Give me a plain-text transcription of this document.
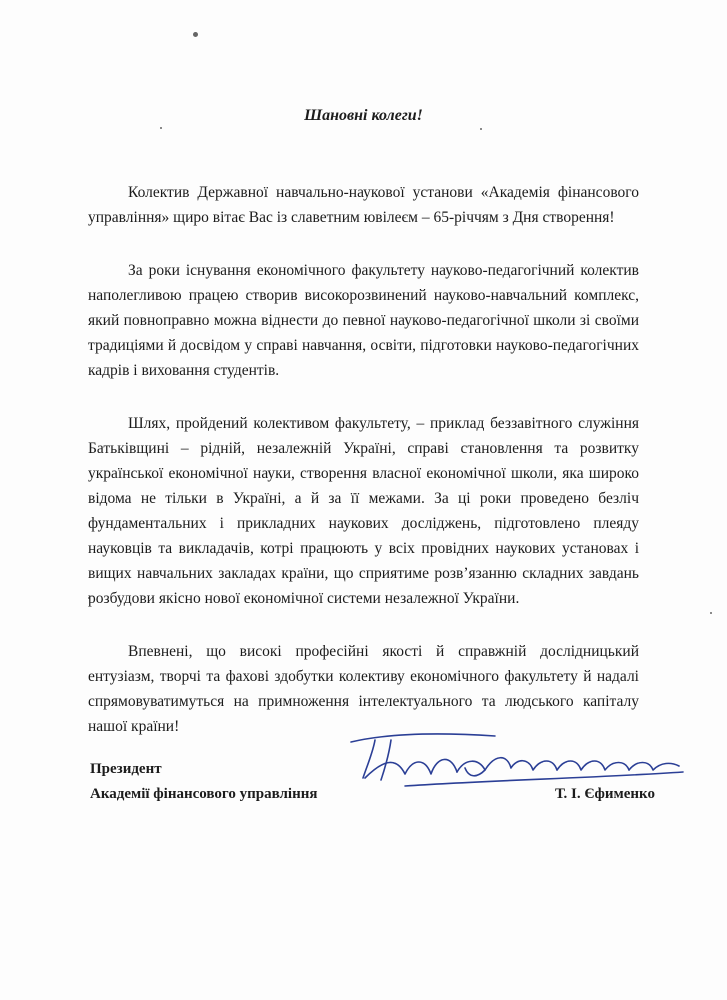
Шановні колеги!

Колектив Державної навчально-наукової установи «Академія фінансового управління» щиро вітає Вас із славетним ювілеєм – 65-річчям з Дня створення!

За роки існування економічного факультету науково-педагогічний колектив наполегливою працею створив високорозвинений науково-навчальний комплекс, який повноправно можна віднести до певної науково-педагогічної школи зі своїми традиціями й досвідом у справі навчання, освіти, підготовки науково-педагогічних кадрів і виховання студентів.

Шлях, пройдений колективом факультету, – приклад беззавітного служіння Батьківщині – рідній, незалежній Україні, справі становлення та розвитку української економічної науки, створення власної економічної школи, яка широко відома не тільки в Україні, а й за її межами. За ці роки проведено безліч фундаментальних і прикладних наукових досліджень, підготовлено плеяду науковців та викладачів, котрі працюють у всіх провідних наукових установах і вищих навчальних закладах країни, що сприятиме розв’язанню складних завдань розбудови якісно нової економічної системи незалежної України.

Впевнені, що високі професійні якості й справжній дослідницький ентузіазм, творчі та фахові здобутки колективу економічного факультету й надалі спрямовуватимуться на примноження інтелектуального та людського капіталу нашої країни!

Президент
Академії фінансового управління	Т. І. Єфименко
